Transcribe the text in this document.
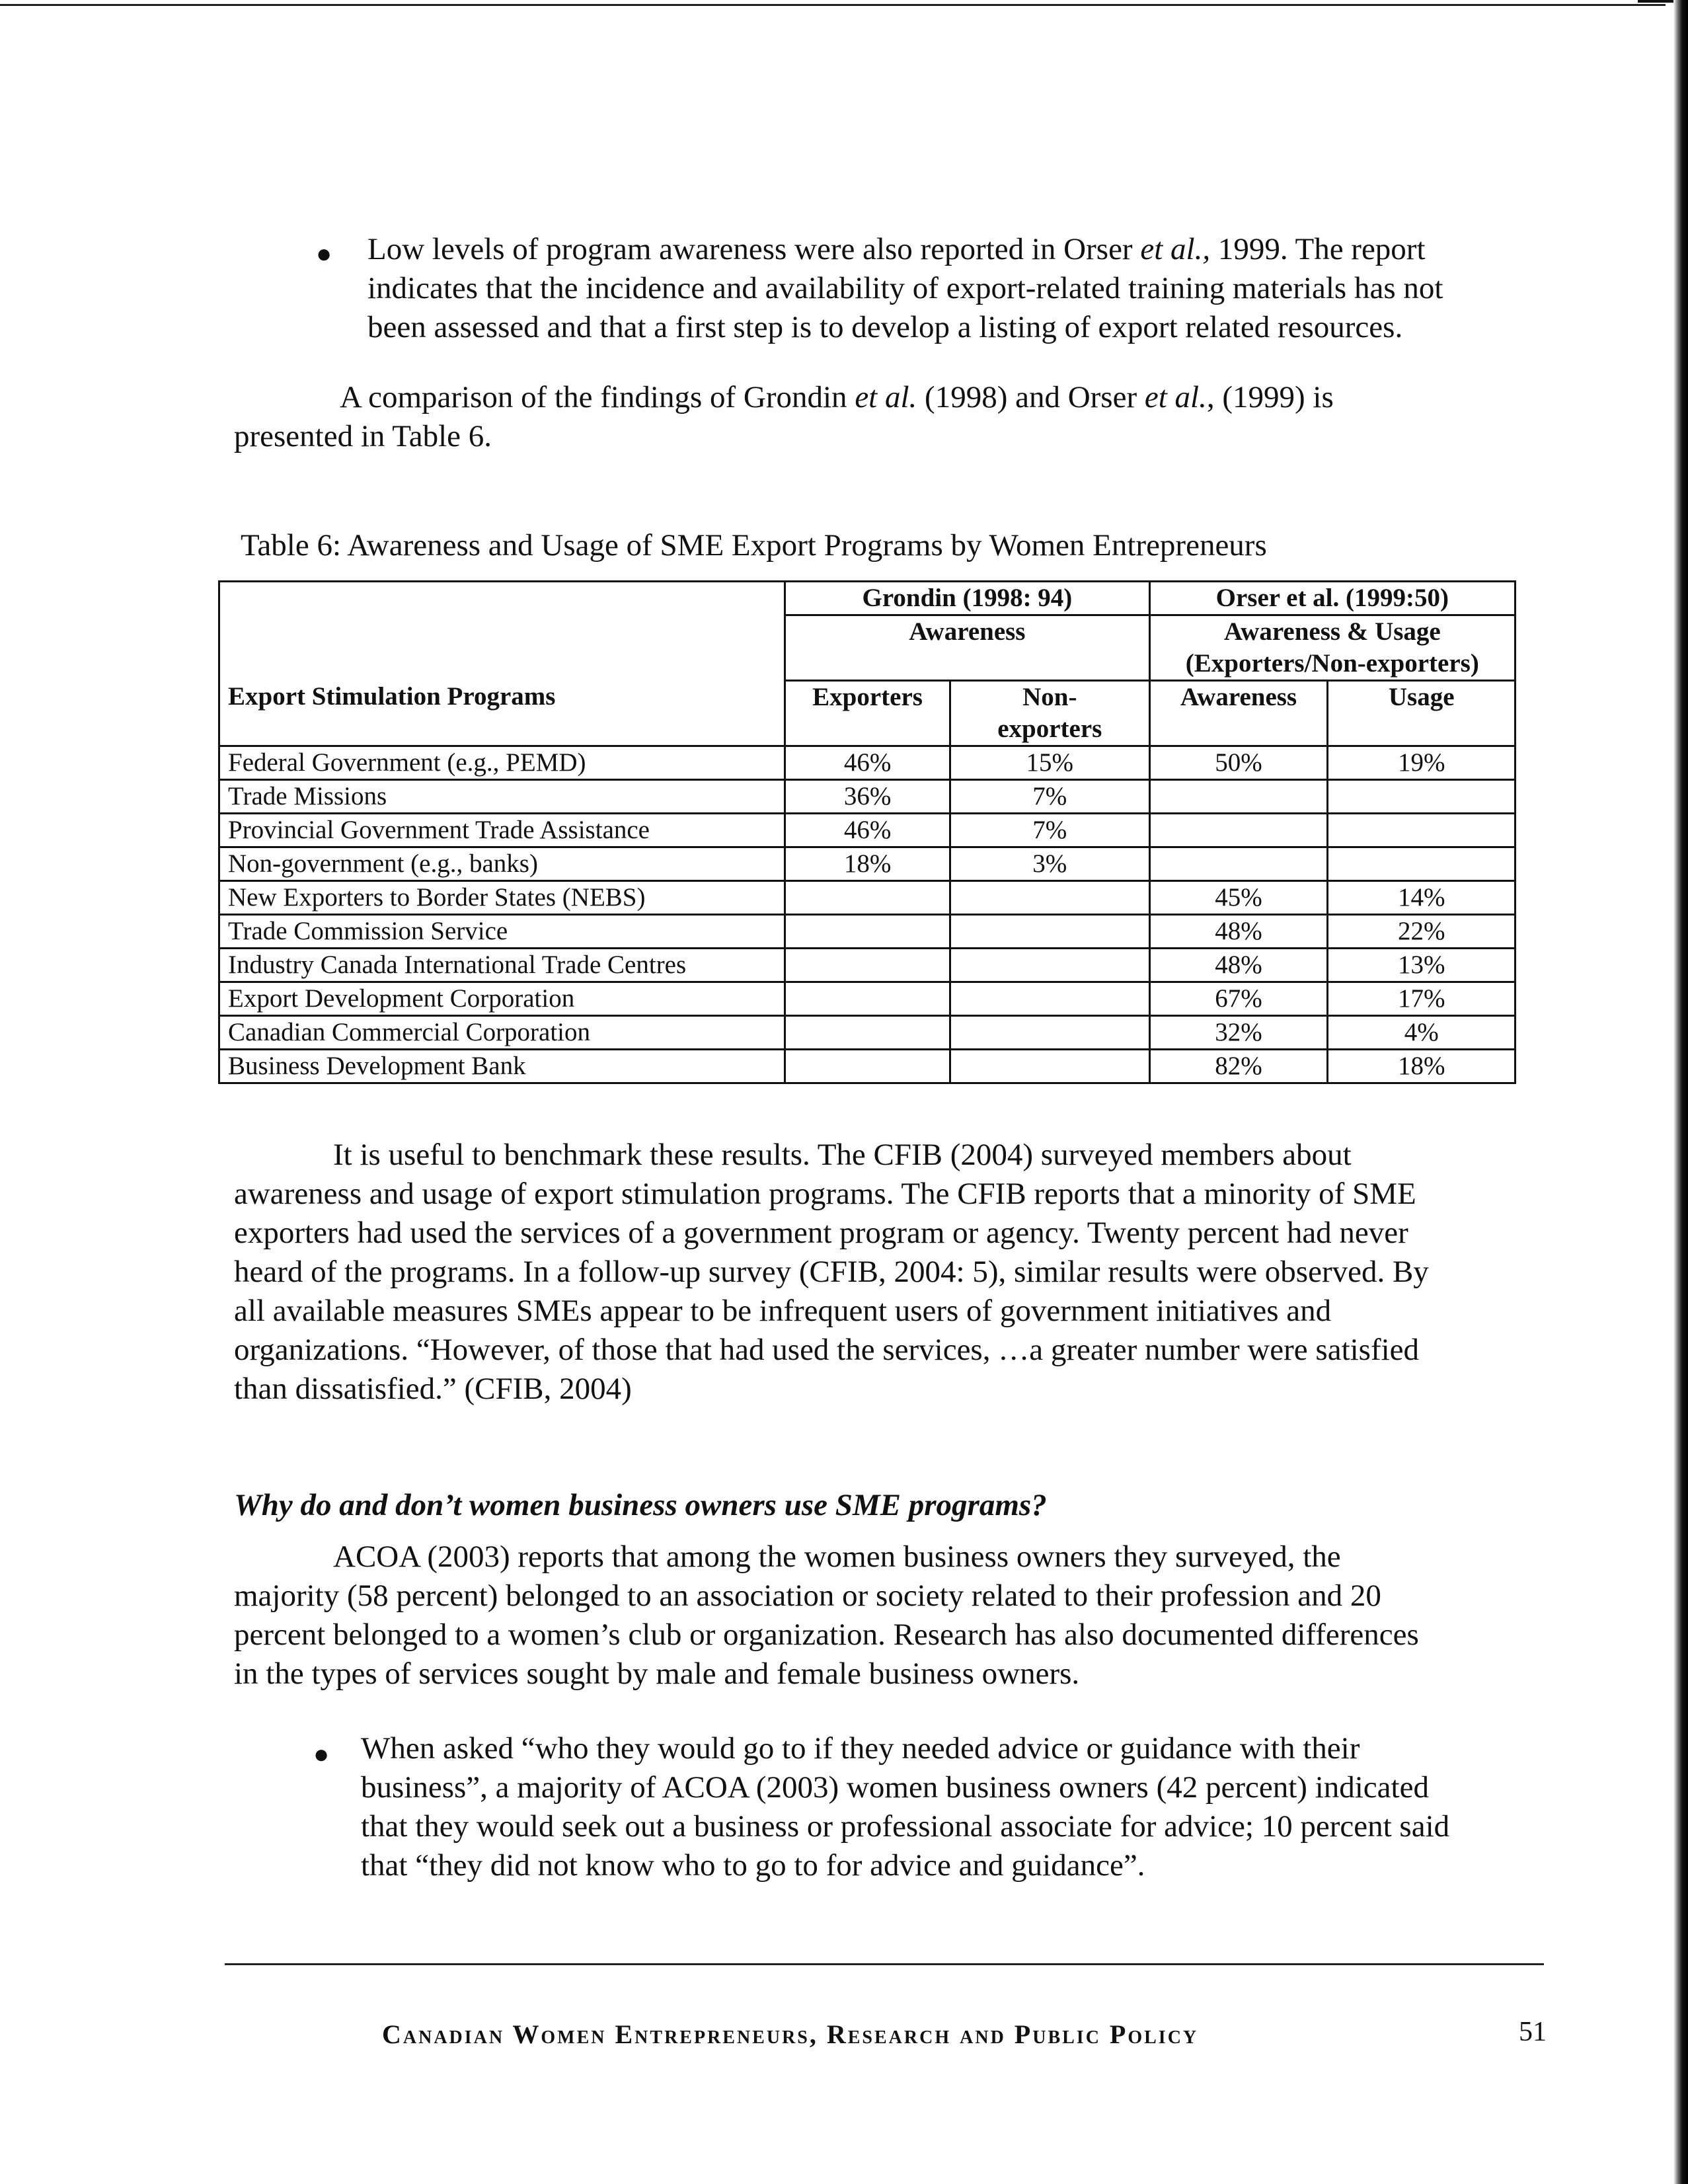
● Low levels of program awareness were also reported in Orser et al., 1999. The report
indicates that the incidence and availability of export-related training materials has not
been assessed and that a first step is to develop a listing of export related resources.
A comparison of the findings of Grondin et al. (1998) and Orser et al., (1999) is
presented in Table 6.
Table 6: Awareness and Usage of SME Export Programs by Women Entrepreneurs
	Grondin (1998: 94)		Orser et al. (1999:50)	
	Awareness		Awareness & Usage
(Exporters/Non-exporters)	

Export Stimulation Programs	Exporters	Non-
exporters	Awareness	Usage
Federal Government (e.g., PEMD)	46%	15%	50%	19%
Trade Missions	36%	7%		
Provincial Government Trade Assistance	46%	7%		
Non-government (e.g., banks)	18%	3%		
New Exporters to Border States (NEBS)			45%	14%
Trade Commission Service			48%	22%
Industry Canada International Trade Centres			48%	13%
Export Development Corporation			67%	17%
Canadian Commercial Corporation			32%	4%
Business Development Bank			82%	18%
It is useful to benchmark these results. The CFIB (2004) surveyed members about
awareness and usage of export stimulation programs. The CFIB reports that a minority of SME
exporters had used the services of a government program or agency. Twenty percent had never
heard of the programs. In a follow-up survey (CFIB, 2004: 5), similar results were observed. By
all available measures SMEs appear to be infrequent users of government initiatives and
organizations. “However, of those that had used the services, …a greater number were satisfied
than dissatisfied.” (CFIB, 2004)
Why do and don’t women business owners use SME programs?
ACOA (2003) reports that among the women business owners they surveyed, the
majority (58 percent) belonged to an association or society related to their profession and 20
percent belonged to a women’s club or organization. Research has also documented differences
in the types of services sought by male and female business owners.
● When asked “who they would go to if they needed advice or guidance with their
business”, a majority of ACOA (2003) women business owners (42 percent) indicated
that they would seek out a business or professional associate for advice; 10 percent said
that “they did not know who to go to for advice and guidance”.
Canadian Women Entrepreneurs, Research and Public Policy	51
